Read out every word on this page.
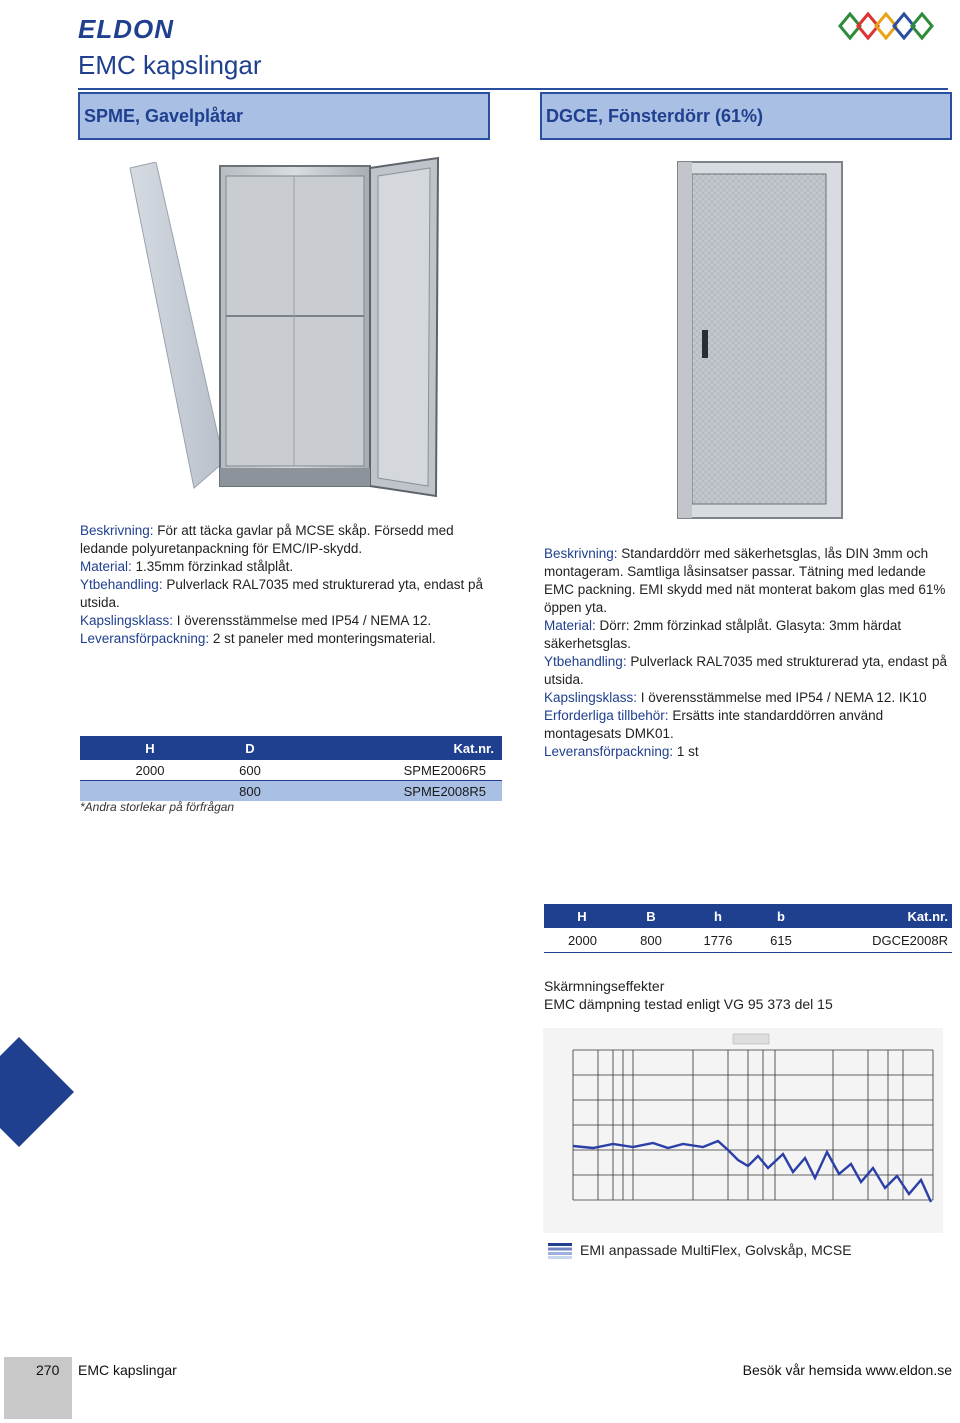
ELDON
EMC kapslingar
SPME, Gavelplåtar	DGCE, Fönsterdörr (61%)
Beskrivning: För att täcka gavlar på MCSE skåp. Försedd med ledande polyuretanpackning för EMC/IP-skydd.
Material: 1.35mm förzinkad stålplåt.
Ytbehandling: Pulverlack RAL7035 med strukturerad yta, endast på utsida.
Kapslingsklass: I överensstämmelse med IP54 / NEMA 12.
Leveransförpackning: 2 st paneler med monteringsmaterial.
H	D	Kat.nr.
2000	600	SPME2006R5
	800	SPME2008R5
*Andra storlekar på förfrågan
Beskrivning: Standarddörr med säkerhetsglas, lås DIN 3mm och montageram. Samtliga låsinsatser passar. Tätning med ledande EMC packning. EMI skydd med nät monterat bakom glas med 61% öppen yta.
Material: Dörr: 2mm förzinkad stålplåt. Glasyta: 3mm härdat säkerhetsglas.
Ytbehandling: Pulverlack RAL7035 med strukturerad yta, endast på utsida.
Kapslingsklass: I överensstämmelse med IP54 / NEMA 12. IK10
Erforderliga tillbehör: Ersätts inte standarddörren använd montagesats DMK01.
Leveransförpackning: 1 st
H	B	h	b	Kat.nr.
2000	800	1776	615	DGCE2008R
Skärmningseffekter
EMC dämpning testad enligt VG 95 373 del 15
EMI anpassade MultiFlex, Golvskåp, MCSE
270 EMC kapslingar	Besök vår hemsida www.eldon.se
